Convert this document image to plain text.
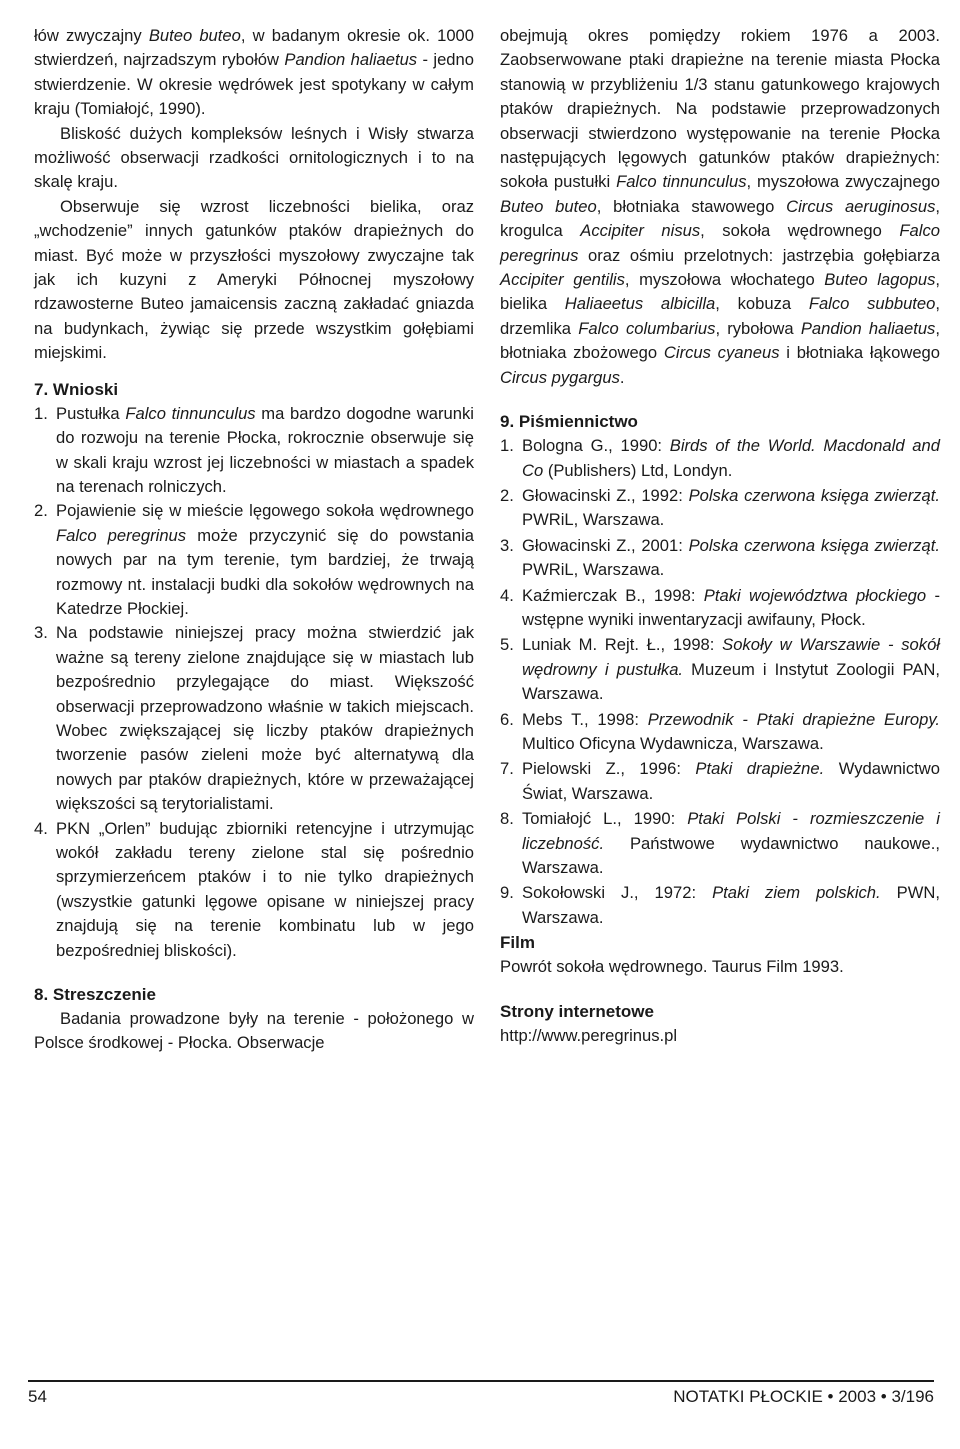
łów zwyczajny Buteo buteo, w badanym okresie ok. 1000 stwierdzeń, najrzadszym rybołów Pandion haliaetus - jedno stwierdzenie. W okresie wędrówek jest spotykany w całym kraju (Tomiałojć, 1990).

Bliskość dużych kompleksów leśnych i Wisły stwarza możliwość obserwacji rzadkości ornitologicznych i to na skalę kraju.

Obserwuje się wzrost liczebności bielika, oraz „wchodzenie” innych gatunków ptaków drapieżnych do miast. Być może w przyszłości myszołowy zwyczajne tak jak ich kuzyni z Ameryki Północnej myszołowy rdzawosterne Buteo jamaicensis zaczną zakładać gniazda na budynkach, żywiąc się przede wszystkim gołębiami miejskimi.

7. Wnioski
1. Pustułka Falco tinnunculus ma bardzo dogodne warunki do rozwoju na terenie Płocka, rokrocznie obserwuje się w skali kraju wzrost jej liczebności w miastach a spadek na terenach rolniczych.
2. Pojawienie się w mieście lęgowego sokoła wędrownego Falco peregrinus może przyczynić się do powstania nowych par na tym terenie, tym bardziej, że trwają rozmowy nt. instalacji budki dla sokołów wędrownych na Katedrze Płockiej.
3. Na podstawie niniejszej pracy można stwierdzić jak ważne są tereny zielone znajdujące się w miastach lub bezpośrednio przylegające do miast. Większość obserwacji przeprowadzono właśnie w takich miejscach. Wobec zwiększającej się liczby ptaków drapieżnych tworzenie pasów zieleni może być alternatywą dla nowych par ptaków drapieżnych, które w przeważającej większości są terytorialistami.
4. PKN „Orlen” budując zbiorniki retencyjne i utrzymując wokół zakładu tereny zielone stal się pośrednio sprzymierzeńcem ptaków i to nie tylko drapieżnych (wszystkie gatunki lęgowe opisane w niniejszej pracy znajdują się na terenie kombinatu lub w jego bezpośredniej bliskości).
8. Streszczenie

Badania prowadzone były na terenie - położonego w Polsce środkowej - Płocka. Obserwacje

obejmują okres pomiędzy rokiem 1976 a 2003. Zaobserwowane ptaki drapieżne na terenie miasta Płocka stanowią w przybliżeniu 1/3 stanu gatunkowego krajowych ptaków drapieżnych. Na podstawie przeprowadzonych obserwacji stwierdzono występowanie na terenie Płocka następujących lęgowych gatunków ptaków drapieżnych: sokoła pustułki Falco tinnunculus, myszołowa zwyczajnego Buteo buteo, błotniaka stawowego Circus aeruginosus, krogulca Accipiter nisus, sokoła wędrownego Falco peregrinus oraz ośmiu przelotnych: jastrzębia gołębiarza Accipiter gentilis, myszołowa włochatego Buteo lagopus, bielika Haliaeetus albicilla, kobuza Falco subbuteo, drzemlika Falco columbarius, rybołowa Pandion haliaetus, błotniaka zbożowego Circus cyaneus i błotniaka łąkowego Circus pygargus.

9. Piśmiennictwo
1. Bologna G., 1990: Birds of the World. Macdonald and Co (Publishers) Ltd, Londyn.
2. Głowacinski Z., 1992: Polska czerwona księga zwierząt. PWRiL, Warszawa.
3. Głowacinski Z., 2001: Polska czerwona księga zwierząt. PWRiL, Warszawa.
4. Kaźmierczak B., 1998: Ptaki województwa płockiego - wstępne wyniki inwentaryzacji awifauny, Płock.
5. Luniak M. Rejt. Ł., 1998: Sokoły w Warszawie - sokół wędrowny i pustułka. Muzeum i Instytut Zoologii PAN, Warszawa.
6. Mebs T., 1998: Przewodnik - Ptaki drapieżne Europy. Multico Oficyna Wydawnicza, Warszawa.
7. Pielowski Z., 1996: Ptaki drapieżne. Wydawnictwo Świat, Warszawa.
8. Tomiałojć L., 1990: Ptaki Polski - rozmieszczenie i liczebność. Państwowe wydawnictwo naukowe., Warszawa.
9. Sokołowski J., 1972: Ptaki ziem polskich. PWN, Warszawa.
Film

Powrót sokoła wędrownego. Taurus Film 1993.

Strony internetowe

http://www.peregrinus.pl

54	NOTATKI PŁOCKIE • 2003 • 3/196
